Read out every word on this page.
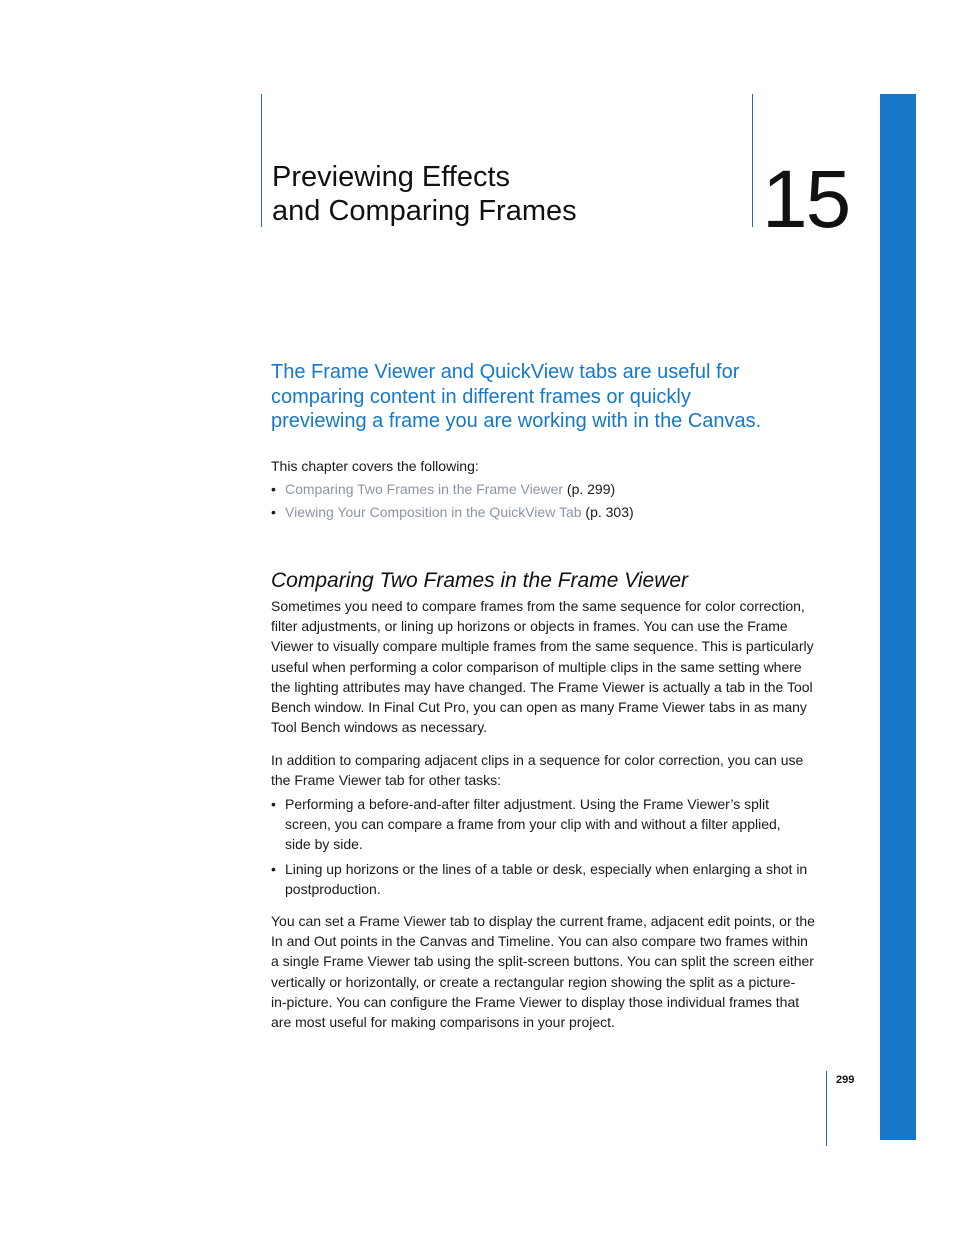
Previewing Effects
and Comparing Frames 15

The Frame Viewer and QuickView tabs are useful for
comparing content in different frames or quickly
previewing a frame you are working with in the Canvas.

This chapter covers the following:

• Comparing Two Frames in the Frame Viewer (p. 299)
• Viewing Your Composition in the QuickView Tab (p. 303)
Comparing Two Frames in the Frame Viewer

Sometimes you need to compare frames from the same sequence for color correction,
filter adjustments, or lining up horizons or objects in frames. You can use the Frame
Viewer to visually compare multiple frames from the same sequence. This is particularly
useful when performing a color comparison of multiple clips in the same setting where
the lighting attributes may have changed. The Frame Viewer is actually a tab in the Tool
Bench window. In Final Cut Pro, you can open as many Frame Viewer tabs in as many
Tool Bench windows as necessary.

In addition to comparing adjacent clips in a sequence for color correction, you can use
the Frame Viewer tab for other tasks:

• Performing a before-and-after filter adjustment. Using the Frame Viewer’s split
screen, you can compare a frame from your clip with and without a filter applied,
side by side.
• Lining up horizons or the lines of a table or desk, especially when enlarging a shot in
postproduction.

You can set a Frame Viewer tab to display the current frame, adjacent edit points, or the
In and Out points in the Canvas and Timeline. You can also compare two frames within
a single Frame Viewer tab using the split-screen buttons. You can split the screen either
vertically or horizontally, or create a rectangular region showing the split as a picture-
in-picture. You can configure the Frame Viewer to display those individual frames that
are most useful for making comparisons in your project.

299
